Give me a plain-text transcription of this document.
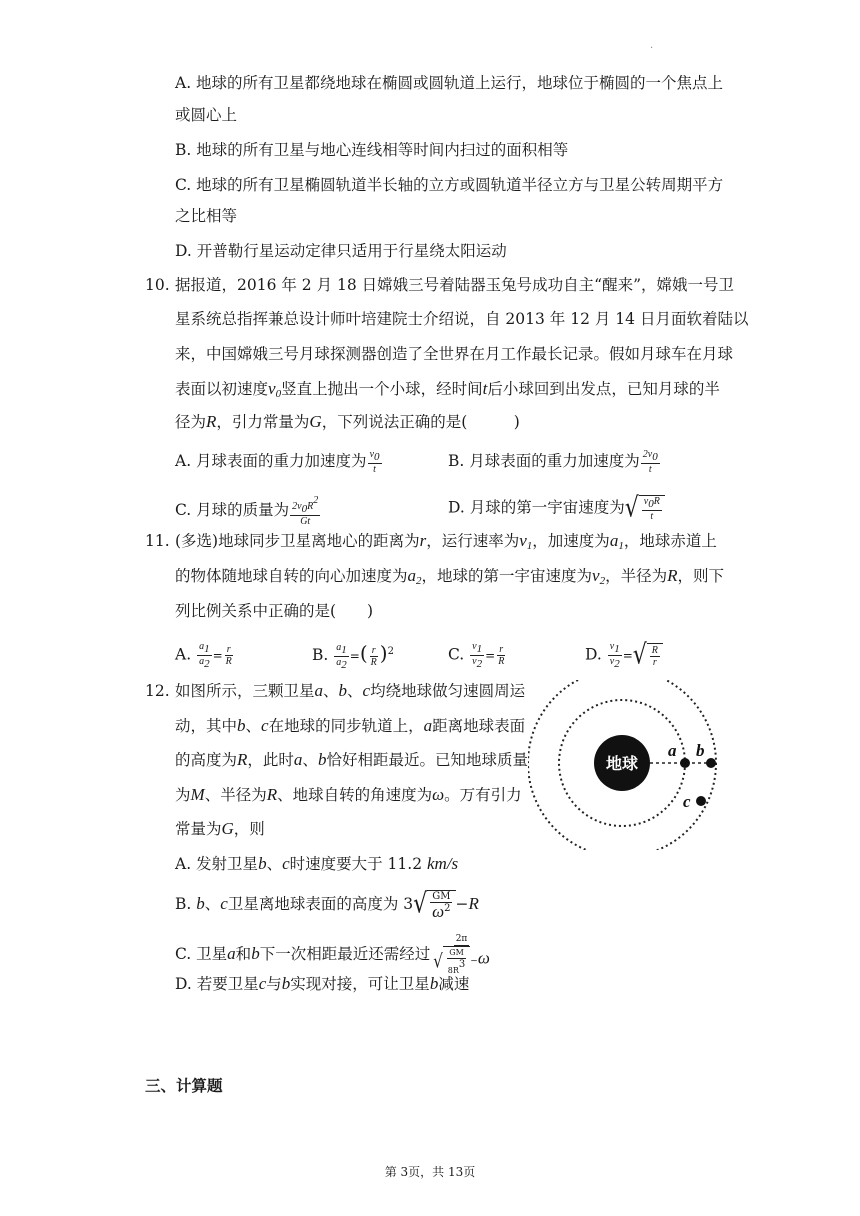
.
A. 地球的所有卫星都绕地球在椭圆或圆轨道上运行，地球位于椭圆的一个焦点上
或圆心上
B. 地球的所有卫星与地心连线相等时间内扫过的面积相等
C. 地球的所有卫星椭圆轨道半长轴的立方或圆轨道半径立方与卫星公转周期平方
之比相等
D. 开普勒行星运动定律只适用于行星绕太阳运动
10. 据报道，2016 年 2 月 18 日嫦娥三号着陆器玉兔号成功自主“醒来”，嫦娥一号卫
星系统总指挥兼总设计师叶培建院士介绍说，自 2013 年 12 月 14 日月面软着陆以
来，中国嫦娥三号月球探测器创造了全世界在月工作最长记录。假如月球车在月球
表面以初速度$v_0$竖直上抛出一个小球，经时间t后小球回到出发点，已知月球的半
径为R，引力常量为G，下列说法正确的是(　　　)
A. 月球表面的重力加速度为 $\frac{v_0}{t}$	B. 月球表面的重力加速度为 $\frac{2v_0}{t}$
C. 月球的质量为 $\frac{2v_0R^2}{Gt}$	D. 月球的第一宇宙速度为 √ $\frac{v_0R}{t}$
11. (多选)地球同步卫星离地心的距离为r，运行速率为$v_1$，加速度为$a_1$，地球赤道上
的物体随地球自转的向心加速度为$a_2$，地球的第一宇宙速度为$v_2$，半径为R，则下
列比例关系中正确的是(　　)
A. $\frac{a_1}{a_2} = \frac{r}{R}$	B. $\frac{a_1}{a_2}$ =( $\frac{r}{R} )^2$	C. $\frac{v_1}{v_2} = \frac{r}{R}$	D. $\frac{v_1}{v_2}$ = √ $\frac{R}{r}$
12. 如图所示，三颗卫星a、b、c均绕地球做匀速圆周运
动，其中b、c在地球的同步轨道上，a距离地球表面
的高度为R，此时a、b恰好相距最近。已知地球质量
为M、半径为R、地球自转的角速度为ω。万有引力
常量为G，则
A. 发射卫星b、c时速度要大于 11.2 km/s
B. b、c卫星离地球表面的高度为 3 √ $\frac{GM}{\omega^2} -R$
C. 卫星a和b下一次相距最近还需经过 $\frac{2\pi}{√ \frac{GM}{8R^3} -\omega}$
D. 若要卫星c与b实现对接，可让卫星b减速
地球
a b
c
三、计算题
第 3页，共 13页
